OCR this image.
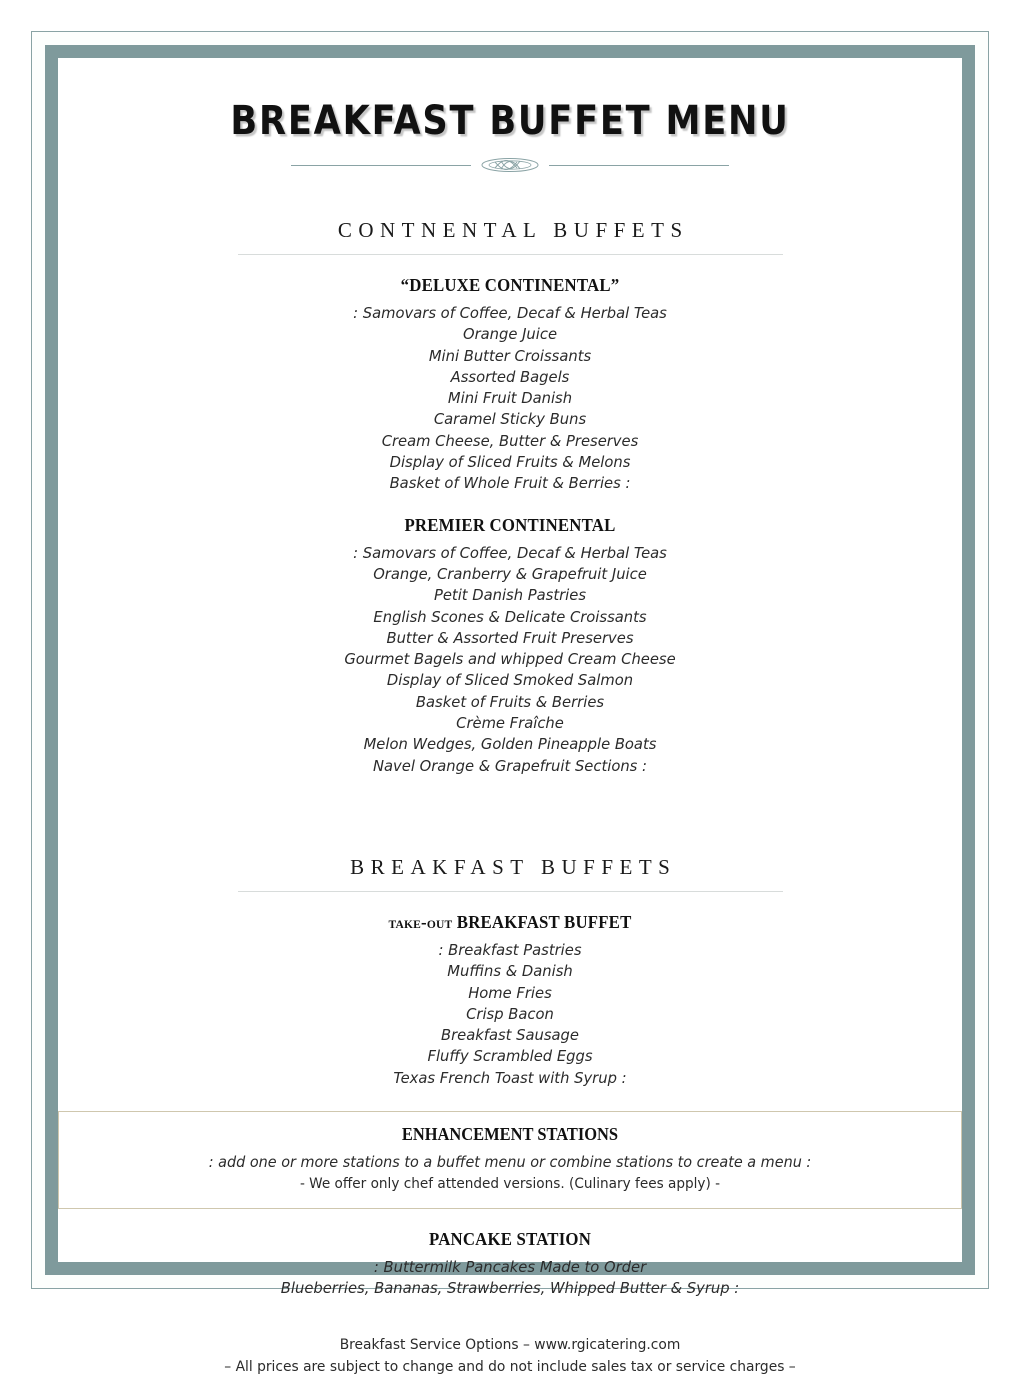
BREAKFAST BUFFET MENU
CONTNENTAL BUFFETS
“DELUXE CONTINENTAL”
: Samovars of Coffee, Decaf & Herbal Teas
Orange Juice
Mini Butter Croissants
Assorted Bagels
Mini Fruit Danish
Caramel Sticky Buns
Cream Cheese, Butter & Preserves
Display of Sliced Fruits & Melons
Basket of Whole Fruit & Berries :
PREMIER CONTINENTAL
: Samovars of Coffee, Decaf & Herbal Teas
Orange, Cranberry & Grapefruit Juice
Petit Danish Pastries
English Scones & Delicate Croissants
Butter & Assorted Fruit Preserves
Gourmet Bagels and whipped Cream Cheese
Display of Sliced Smoked Salmon
Basket of Fruits & Berries
Crème Fraîche
Melon Wedges, Golden Pineapple Boats
Navel Orange & Grapefruit Sections :
BREAKFAST BUFFETS
take-out BREAKFAST BUFFET
: Breakfast Pastries
Muffins & Danish
Home Fries
Crisp Bacon
Breakfast Sausage
Fluffy Scrambled Eggs
Texas French Toast with Syrup :
ENHANCEMENT STATIONS
: add one or more stations to a buffet menu or combine stations to create a menu :
- We offer only chef attended versions. (Culinary fees apply) -
PANCAKE STATION
: Buttermilk Pancakes Made to Order
Blueberries, Bananas, Strawberries, Whipped Butter & Syrup :
Breakfast Service Options – www.rgicatering.com
– All prices are subject to change and do not include sales tax or service charges –
